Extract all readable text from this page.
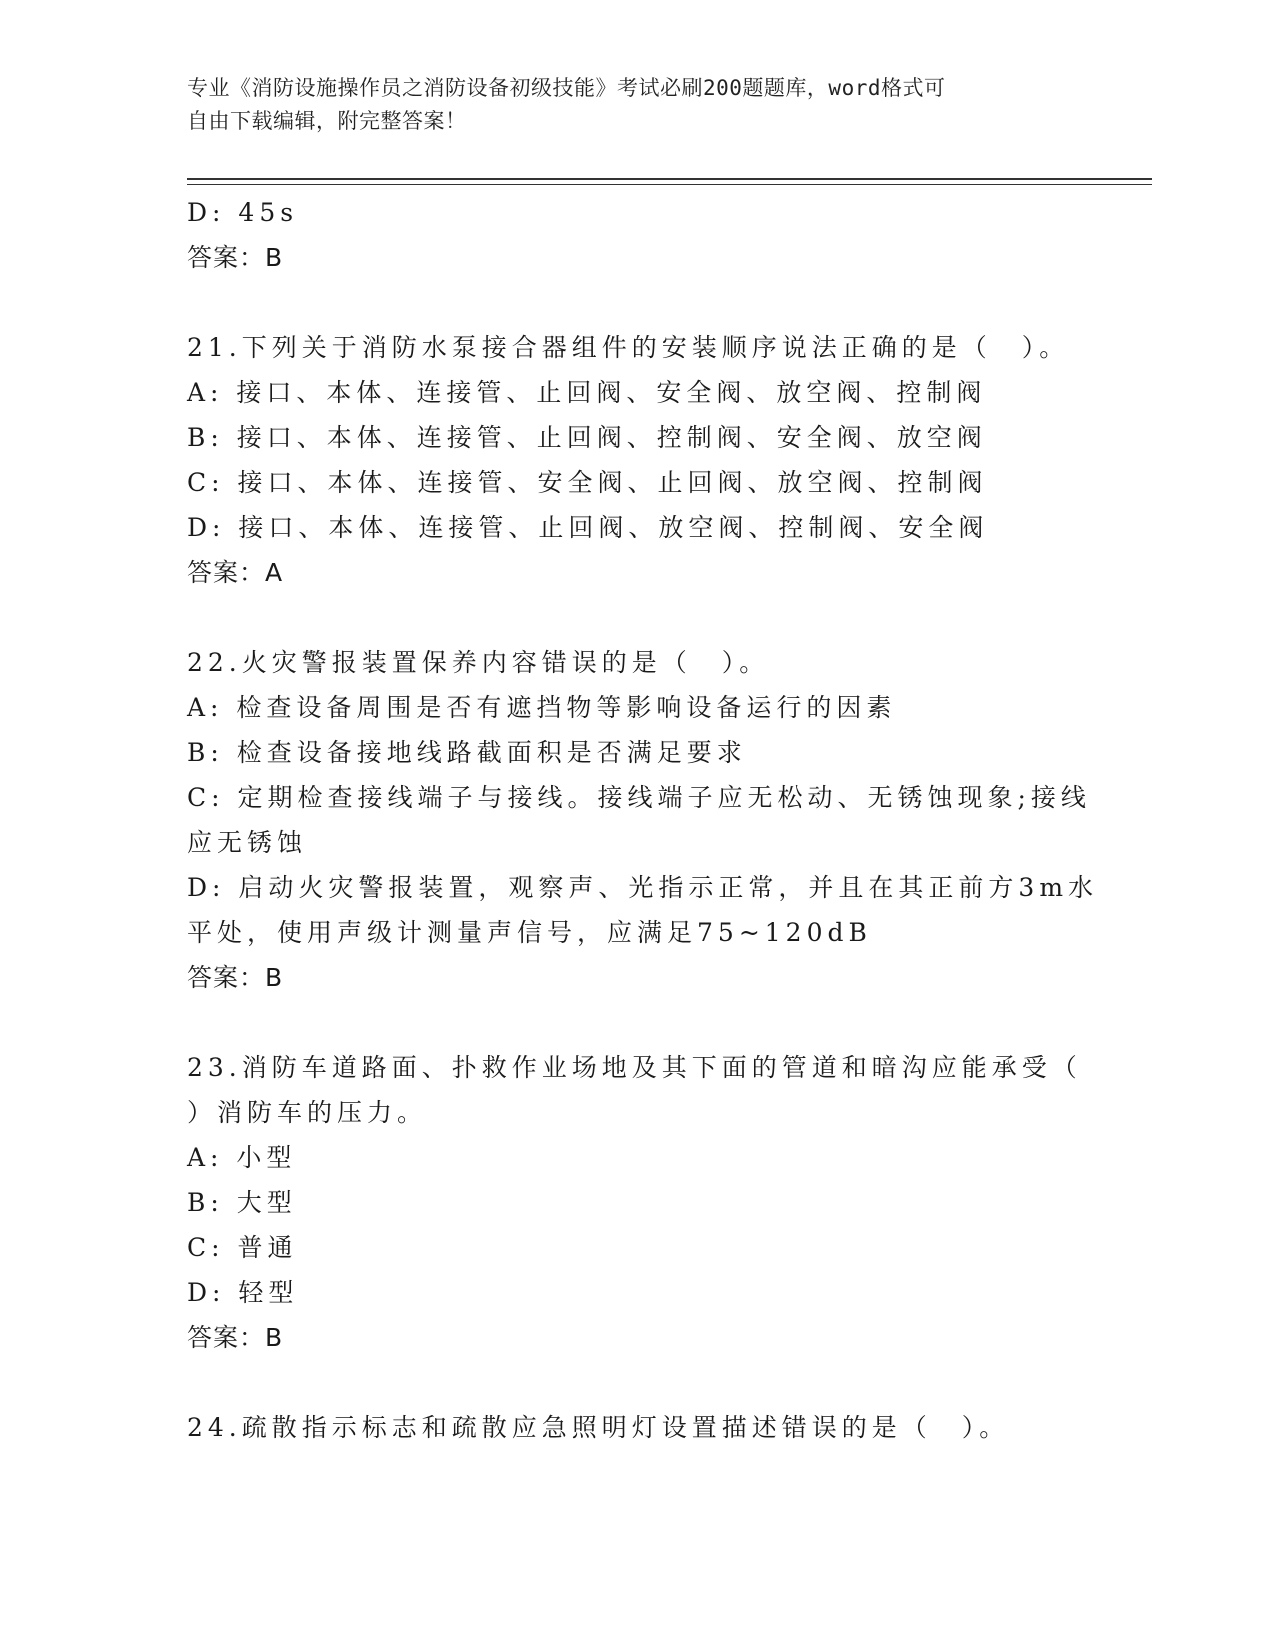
专业《消防设施操作员之消防设备初级技能》考试必刷200题题库，word格式可
自由下载编辑，附完整答案！
D: 45s
答案：B
21.下列关于消防水泵接合器组件的安装顺序说法正确的是（　）。
A: 接口、本体、连接管、止回阀、安全阀、放空阀、控制阀
B: 接口、本体、连接管、止回阀、控制阀、安全阀、放空阀
C: 接口、本体、连接管、安全阀、止回阀、放空阀、控制阀
D: 接口、本体、连接管、止回阀、放空阀、控制阀、安全阀
答案：A
22.火灾警报装置保养内容错误的是（　）。
A: 检查设备周围是否有遮挡物等影响设备运行的因素
B: 检查设备接地线路截面积是否满足要求
C: 定期检查接线端子与接线。接线端子应无松动、无锈蚀现象;接线
应无锈蚀
D: 启动火灾警报装置，观察声、光指示正常，并且在其正前方3m水
平处，使用声级计测量声信号，应满足75~120dB
答案：B
23.消防车道路面、扑救作业场地及其下面的管道和暗沟应能承受（
）消防车的压力。
A: 小型
B: 大型
C: 普通
D: 轻型
答案：B
24.疏散指示标志和疏散应急照明灯设置描述错误的是（　）。
